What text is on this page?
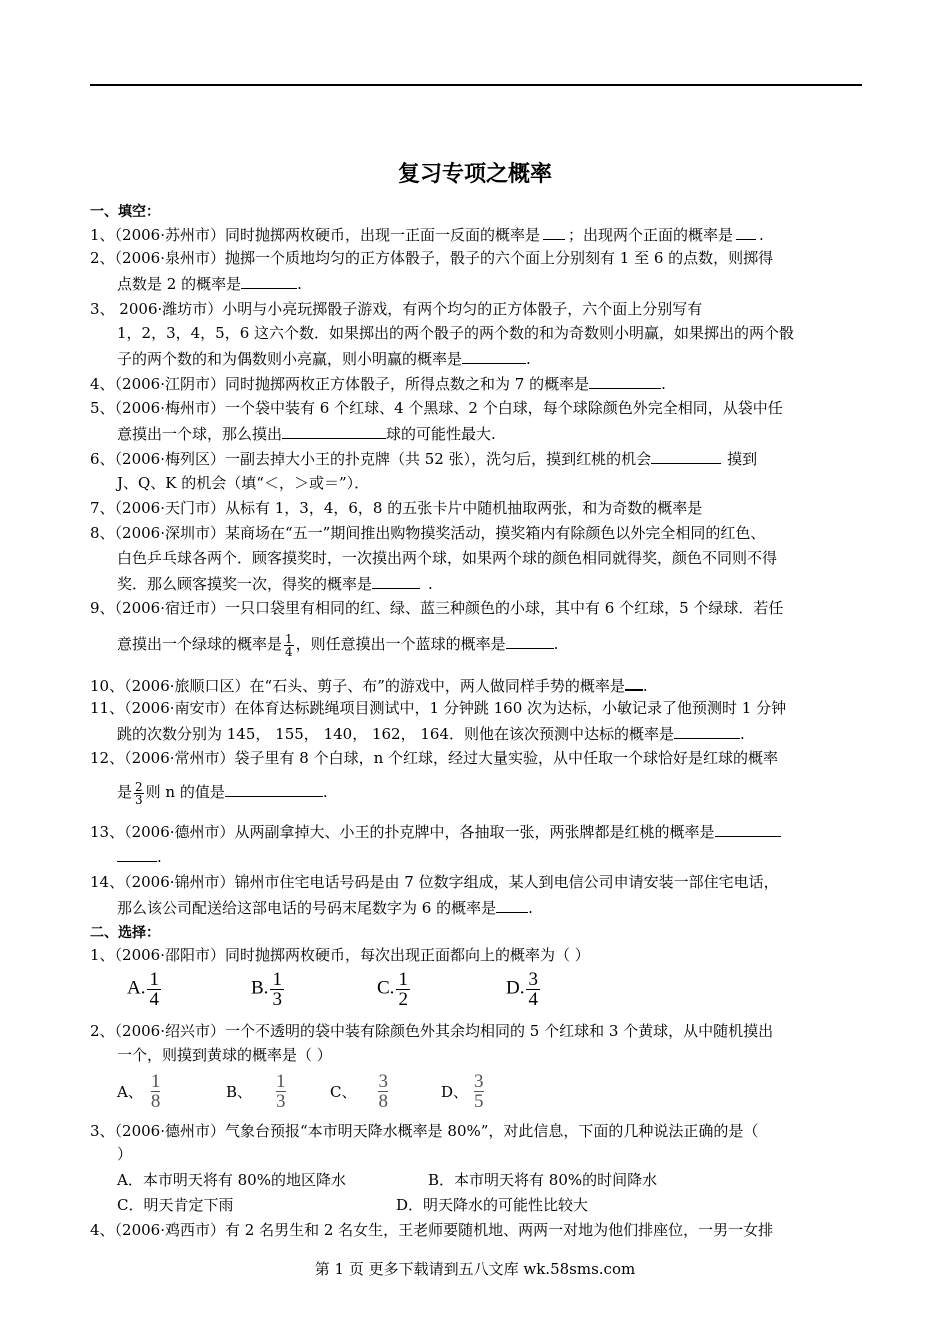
复习专项之概率
一、填空：
1、（2006·苏州市）同时抛掷两枚硬币，出现一正面一反面的概率是 ；出现两个正面的概率是 .
2、（2006·泉州市）抛掷一个质地均匀的正方体骰子，骰子的六个面上分别刻有 1 至 6 的点数，则掷得
点数是 2 的概率是	.
3、 2006·潍坊市）小明与小亮玩掷骰子游戏，有两个均匀的正方体骰子，六个面上分别写有
1，2，3，4，5，6 这六个数．如果掷出的两个骰子的两个数的和为奇数则小明赢，如果掷出的两个骰
子的两个数的和为偶数则小亮赢，则小明赢的概率是	.
4、（2006·江阴市）同时抛掷两枚正方体骰子，所得点数之和为 7 的概率是	.
5、（2006·梅州市）一个袋中装有 6 个红球、4 个黑球、2 个白球，每个球除颜色外完全相同，从袋中任
意摸出一个球，那么摸出	球的可能性最大.
6、（2006·梅列区）一副去掉大小王的扑克牌（共 52 张），洗匀后，摸到红桃的机会	摸到
J、Q、K 的机会（填“＜，＞或＝”）．
7、（2006·天门市）从标有 1，3，4，6，8 的五张卡片中随机抽取两张，和为奇数的概率是
8、（2006·深圳市）某商场在“五一”期间推出购物摸奖活动，摸奖箱内有除颜色以外完全相同的红色、
白色乒乓球各两个．顾客摸奖时，一次摸出两个球，如果两个球的颜色相同就得奖，颜色不同则不得
奖．那么顾客摸奖一次，得奖的概率是	.
9、（2006·宿迁市）一只口袋里有相同的红、绿、蓝三种颜色的小球，其中有 6 个红球，5 个绿球．若任
意摸出一个绿球的概率是 $\frac{1}{4}$ ，则任意摸出一个蓝球的概率是	.
10、（2006·旅顺口区）在“石头、剪子、布”的游戏中，两人做同样手势的概率是 .
11、（2006·南安市）在体育达标跳绳项目测试中，1 分钟跳 160 次为达标，小敏记录了他预测时 1 分钟
跳的次数分别为 145， 155， 140， 162， 164．则他在该次预测中达标的概率是	.
12、（2006·常州市）袋子里有 8 个白球，n 个红球，经过大量实验，从中任取一个球恰好是红球的概率
是 $\frac{2}{3}$ 则 n 的值是	.
13、（2006·德州市）从两副拿掉大、小王的扑克牌中，各抽取一张，两张牌都是红桃的概率是
.
14、（2006·锦州市）锦州市住宅电话号码是由 7 位数字组成，某人到电信公司申请安装一部住宅电话，
那么该公司配送给这部电话的号码末尾数字为 6 的概率是 .
二、选择：
1、（2006·邵阳市）同时抛掷两枚硬币，每次出现正面都向上的概率为（ ）
A. $\frac{1}{4}$	B. $\frac{1}{3}$	C. $\frac{1}{2}$	D. $\frac{3}{4}$
2、（2006·绍兴市）一个不透明的袋中装有除颜色外其余均相同的 5 个红球和 3 个黄球，从中随机摸出
一个，则摸到黄球的概率是（ ）
A、 $\frac{1}{8}$	B、 $\frac{1}{3}$	C、 $\frac{3}{8}$	D、 $\frac{3}{5}$
3、（2006·德州市）气象台预报“本市明天降水概率是 80%”，对此信息，下面的几种说法正确的是（
）
A．本市明天将有 80%的地区降水	B．本市明天将有 80%的时间降水
C．明天肯定下雨	D．明天降水的可能性比较大
4、（2006·鸡西市）有 2 名男生和 2 名女生，王老师要随机地、两两一对地为他们排座位，一男一女排
第 1 页 更多下载请到五八文库 wk.58sms.com
